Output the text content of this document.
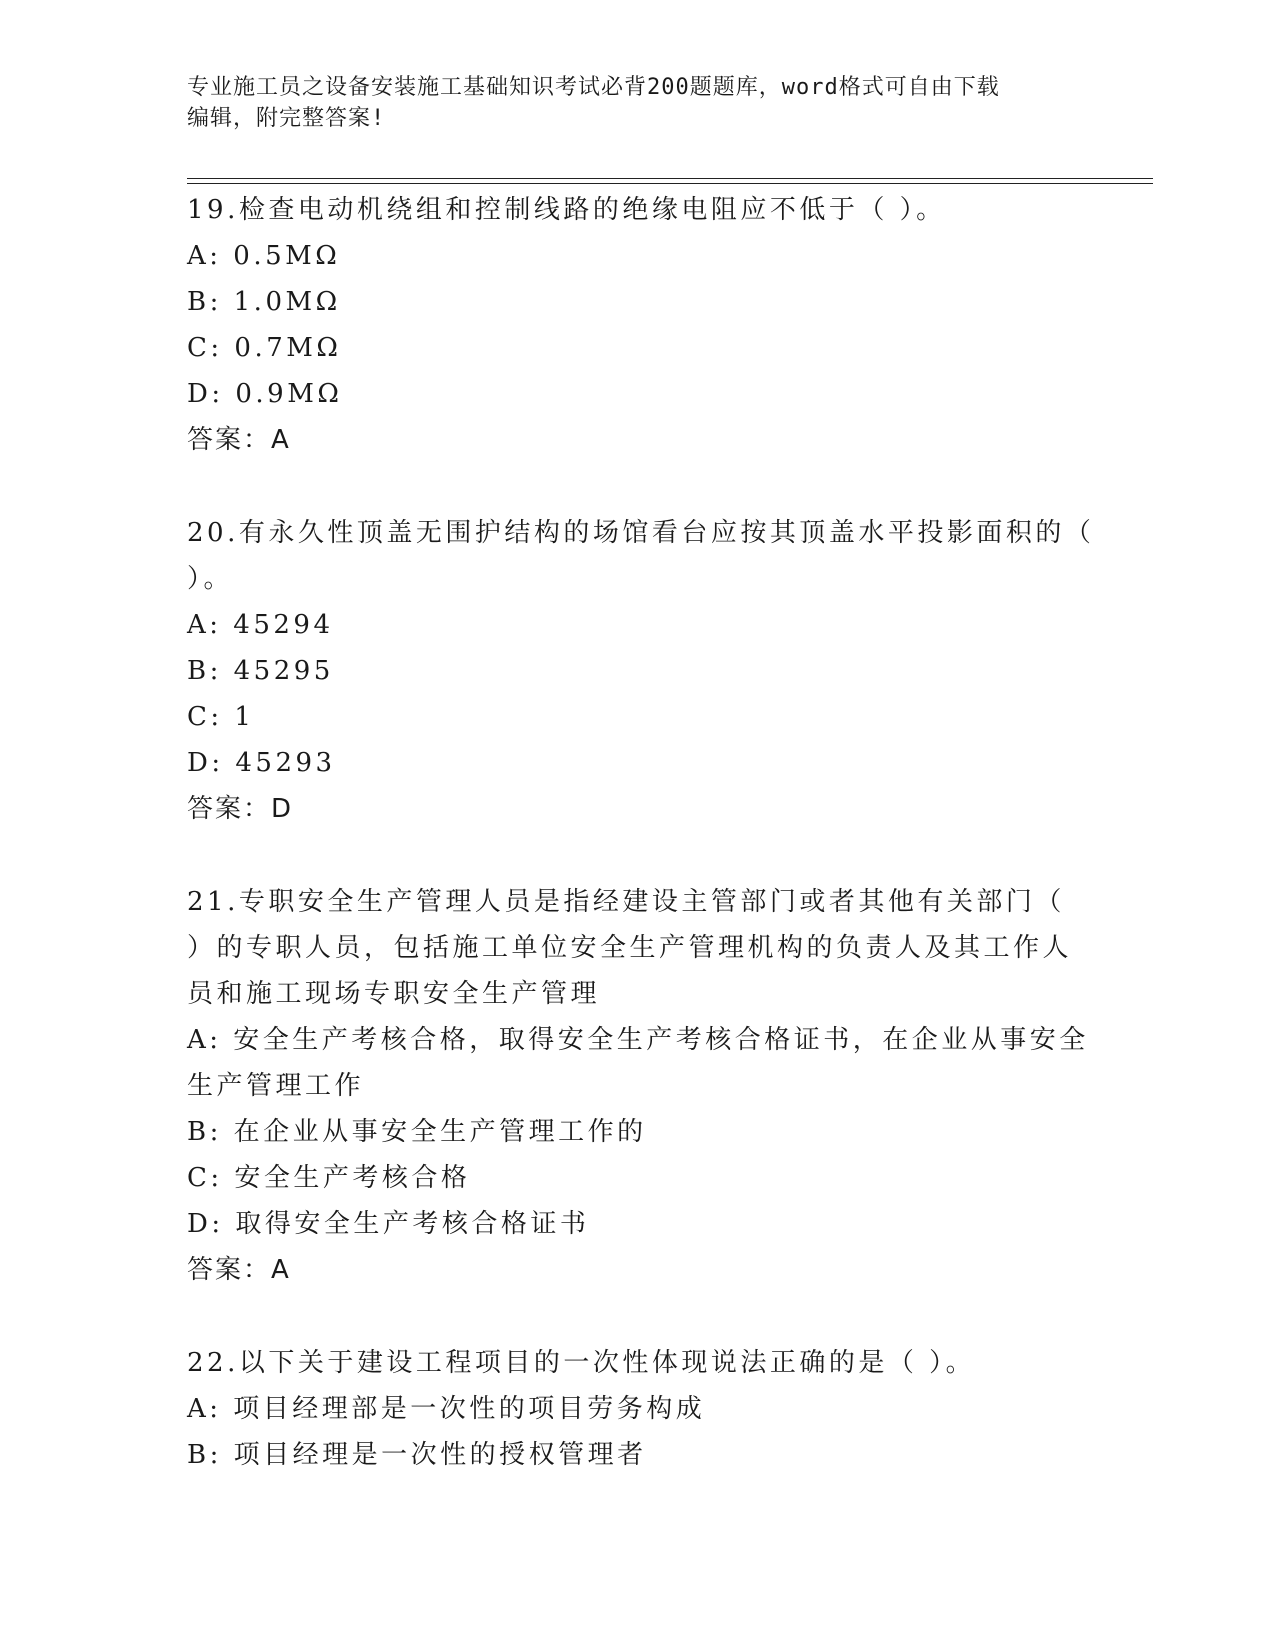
专业施工员之设备安装施工基础知识考试必背200题题库，word格式可自由下载
编辑，附完整答案!
19.检查电动机绕组和控制线路的绝缘电阻应不低于（ ）。
A: 0.5MΩ
B: 1.0MΩ
C: 0.7MΩ
D: 0.9MΩ
答案：A
20.有永久性顶盖无围护结构的场馆看台应按其顶盖水平投影面积的（
）。
A: 45294
B: 45295
C: 1
D: 45293
答案：D
21.专职安全生产管理人员是指经建设主管部门或者其他有关部门（
）的专职人员，包括施工单位安全生产管理机构的负责人及其工作人
员和施工现场专职安全生产管理
A: 安全生产考核合格，取得安全生产考核合格证书，在企业从事安全
生产管理工作
B: 在企业从事安全生产管理工作的
C: 安全生产考核合格
D: 取得安全生产考核合格证书
答案：A
22.以下关于建设工程项目的一次性体现说法正确的是（ ）。
A: 项目经理部是一次性的项目劳务构成
B: 项目经理是一次性的授权管理者
